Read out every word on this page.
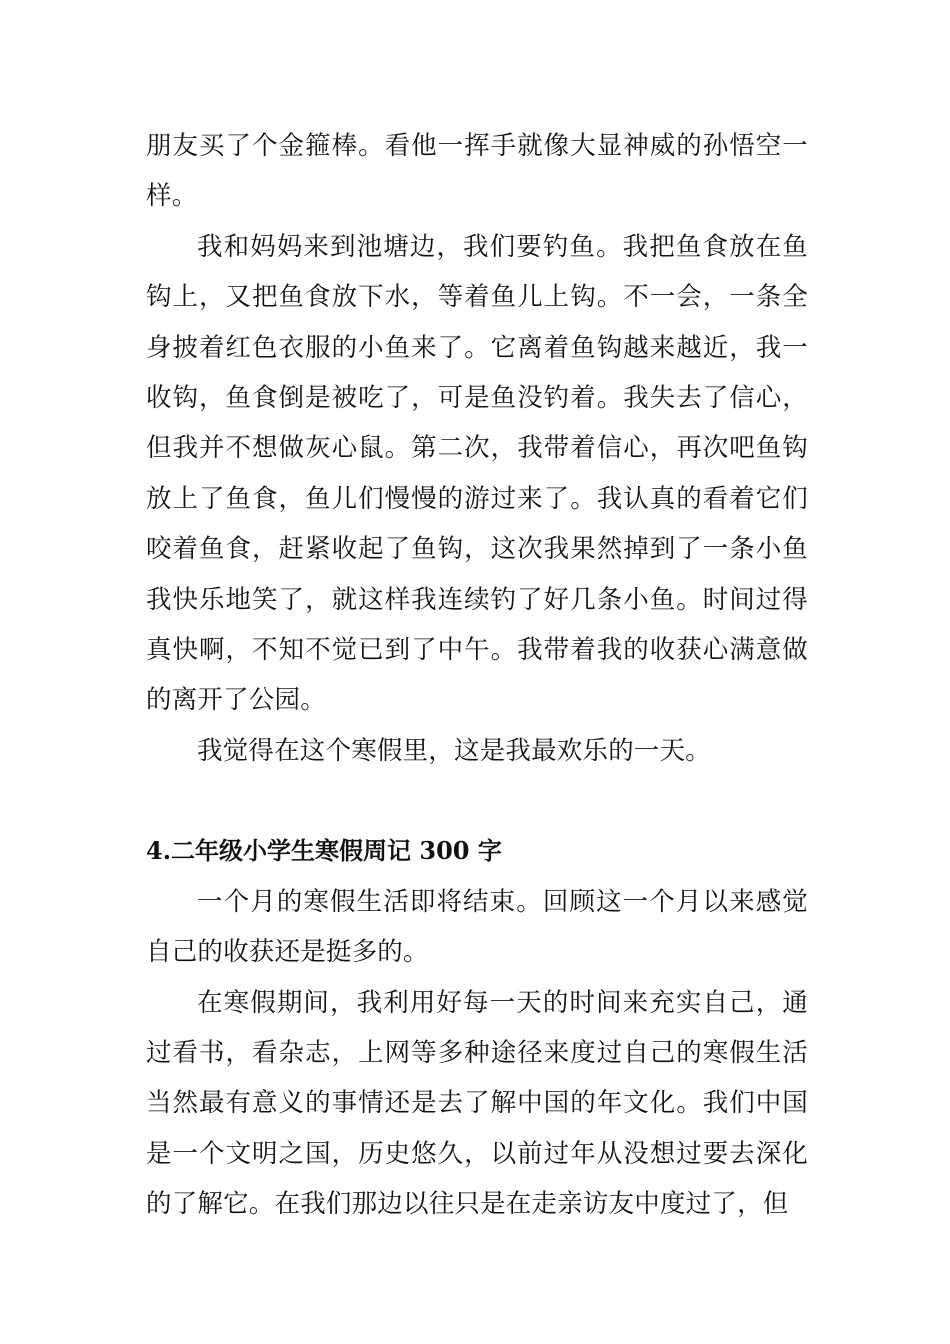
朋友买了个金箍棒。看他一挥手就像大显神威的孙悟空一样。

我和妈妈来到池塘边，我们要钓鱼。我把鱼食放在鱼钩上，又把鱼食放下水，等着鱼儿上钩。不一会，一条全身披着红色衣服的小鱼来了。它离着鱼钩越来越近，我一收钩，鱼食倒是被吃了，可是鱼没钓着。我失去了信心，但我并不想做灰心鼠。第二次，我带着信心，再次吧鱼钩放上了鱼食，鱼儿们慢慢的游过来了。我认真的看着它们咬着鱼食，赶紧收起了鱼钩，这次我果然掉到了一条小鱼我快乐地笑了，就这样我连续钓了好几条小鱼。时间过得真快啊，不知不觉已到了中午。我带着我的收获心满意做的离开了公园。

我觉得在这个寒假里，这是我最欢乐的一天。

4.二年级小学生寒假周记 300 字

一个月的寒假生活即将结束。回顾这一个月以来感觉自己的收获还是挺多的。

在寒假期间，我利用好每一天的时间来充实自己，通过看书，看杂志，上网等多种途径来度过自己的寒假生活当然最有意义的事情还是去了解中国的年文化。我们中国是一个文明之国，历史悠久，以前过年从没想过要去深化的了解它。在我们那边以往只是在走亲访友中度过了，但
